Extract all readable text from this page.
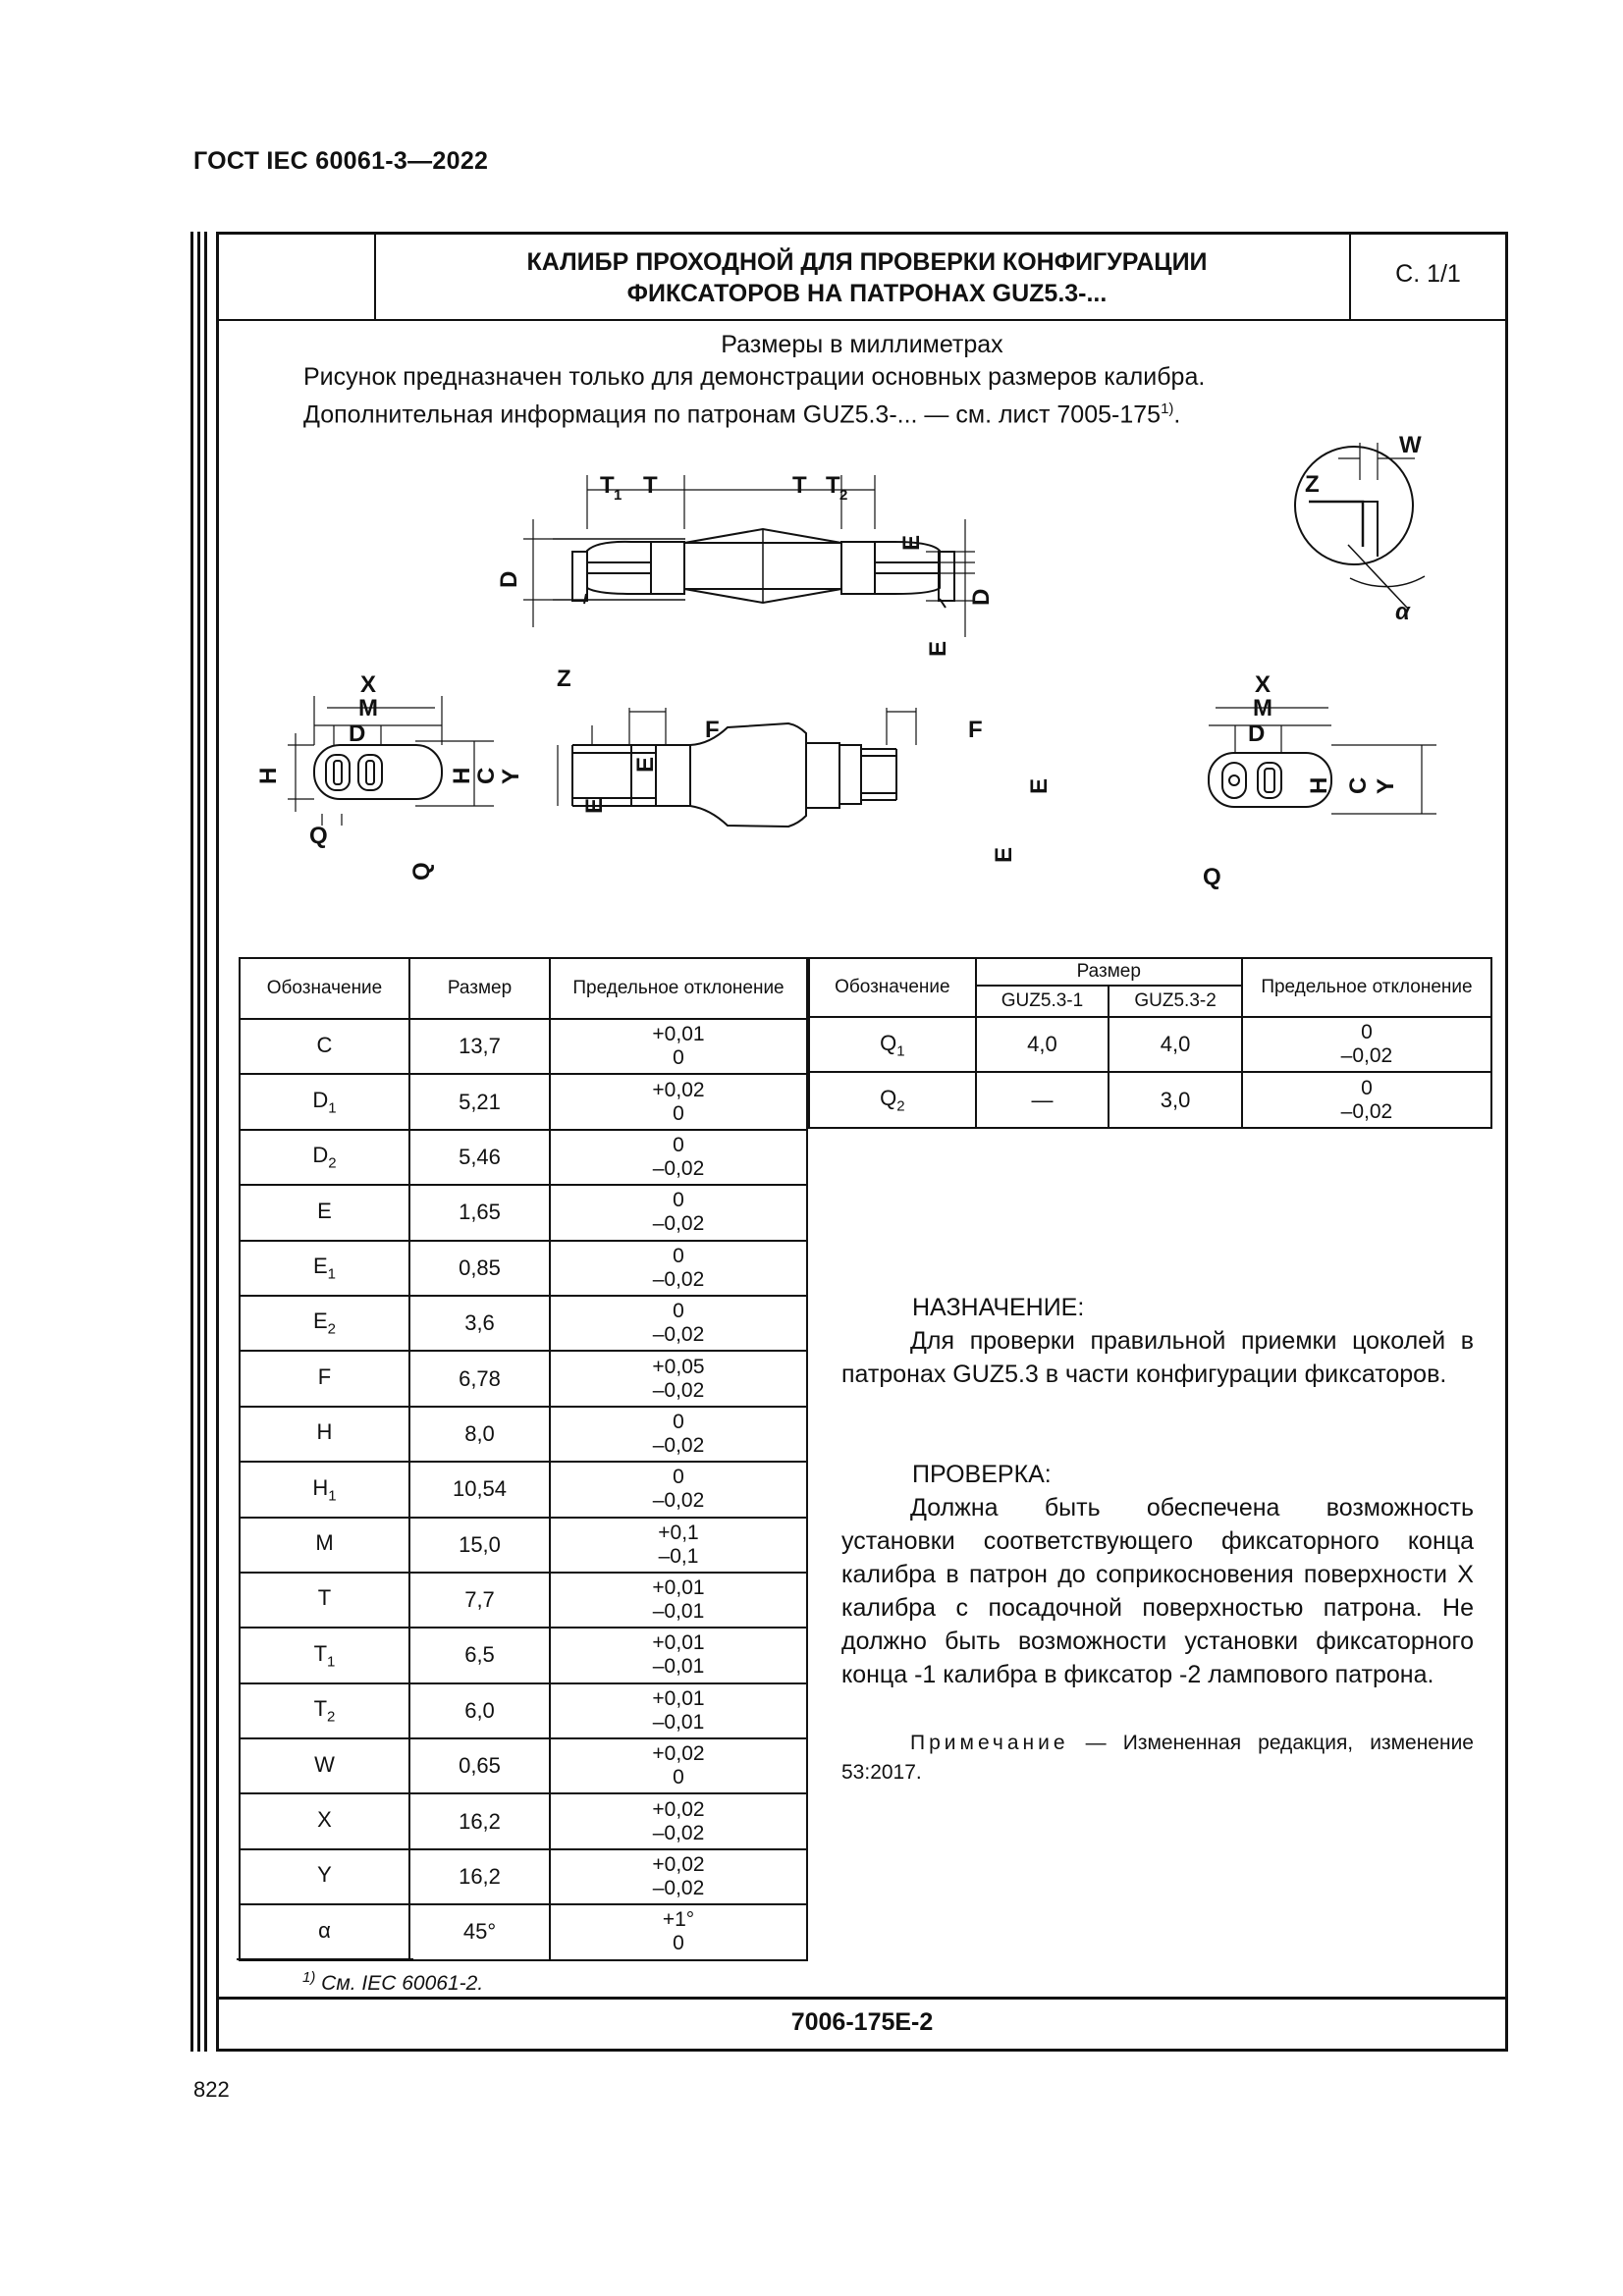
ГОСТ IEC 60061-3—2022
КАЛИБР ПРОХОДНОЙ ДЛЯ ПРОВЕРКИ КОНФИГУРАЦИИ
ФИКСАТОРОВ НА ПАТРОНАХ GUZ5.3-...
С. 1/1
Размеры в миллиметрах
Рисунок предназначен только для демонстрации основных размеров калибра.
Дополнительная информация по патронам GUZ5.3-... — см. лист 7005-175$^{1)}$.
T 1 T	T T 2
E
D
D
E
Z
Z
W
α
X
M
D
H	H
C
Y
Q
Q
F	F
E
E
E
E
X
M
D
H C Y
Q
Обозначение	Размер	Предельное отклонение
C	13,7	+0,01
0

$D_1$	5,21	+0,02
0

$D_2$	5,46	0
–0,02

E	1,65	0
–0,02

$E_1$	0,85	0
–0,02

$E_2$	3,6	0
–0,02

F	6,78	+0,05
–0,02

H	8,0	0
–0,02

$H_1$	10,54	0
–0,02

M	15,0	+0,1
–0,1

T	7,7	+0,01
–0,01

$T_1$	6,5	+0,01
–0,01

$T_2$	6,0	+0,01
–0,01

W	0,65	+0,02
0

X	16,2	+0,02
–0,02

Y	16,2	+0,02
–0,02

α	45°	+1°
0
Обозначение	Размер		Предельное отклонение
	GUZ5.3-1	GUZ5.3-2	
$Q_1$	4,0	4,0	0
–0,02

$Q_2$	—	3,0	0
–0,02
НАЗНАЧЕНИЕ:
Для проверки правильной приемки цоколей в патронах GUZ5.3 в части конфигурации фиксаторов.
ПРОВЕРКА:
Должна быть обеспечена возможность установки соответствующего фиксаторного конца калибра в патрон до соприкосновения поверхности X калибра с посадочной поверхностью патрона. Не должно быть возможности установки фиксаторного конца -1 калибра в фиксатор -2 лампового патрона.
Примечание — Измененная редакция, изменение 53:2017.
$^{1)}$ См. IEC 60061-2.
7006-175E-2
822
